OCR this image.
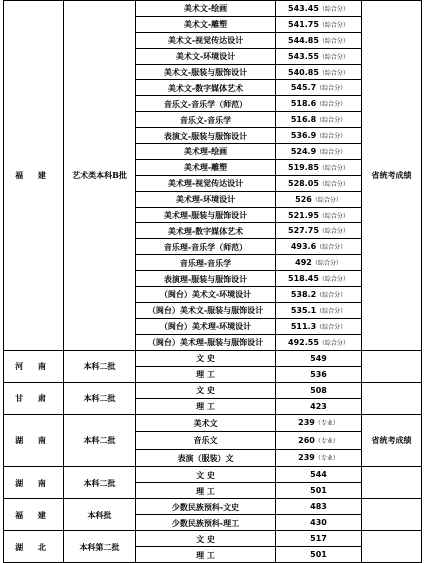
福 建	艺术类本科B批	美术文-绘画	543.45（综合分）	省统考成绩
		美术文-雕塑	541.75（综合分）	
		美术文-视觉传达设计	544.85（综合分）	
		美术文-环境设计	543.55（综合分）	
		美术文-服装与服饰设计	540.85（综合分）	
		美术文-数字媒体艺术	545.7（综合分）	
		音乐文-音乐学（师范）	518.6（综合分）	
		音乐文-音乐学	516.8（综合分）	
		表演文-服装与服饰设计	536.9（综合分）	
		美术理-绘画	524.9（综合分）	
		美术理-雕塑	519.85（综合分）	
		美术理-视觉传达设计	528.05（综合分）	
		美术理-环境设计	526（综合分）	
		美术理-服装与服饰设计	521.95（综合分）	
		美术理-数字媒体艺术	527.75（综合分）	
		音乐理-音乐学（师范）	493.6（综合分）	
		音乐理-音乐学	492（综合分）	
		表演理-服装与服饰设计	518.45（综合分）	
		（闽台）美术文-环境设计	538.2（综合分）	
		（闽台）美术文-服装与服饰设计	535.1（综合分）	
		（闽台）美术理-环境设计	511.3（综合分）	
		（闽台）美术理-服装与服饰设计	492.55（综合分）	
河 南	本科二批	文 史	549	
		理 工	536	
甘 肃	本科二批	文 史	508	
		理 工	423	
湖 南	本科二批	美术文	239（专业）	省统考成绩
		音乐文	260（专业）	
		表演（服装）文	239（专业）	
湖 南	本科二批	文 史	544	
		理 工	501	
福 建	本科批	少数民族预科-文史	483	
		少数民族预科-理工	430	
湖 北	本科第二批	文 史	517	
		理 工	501	
